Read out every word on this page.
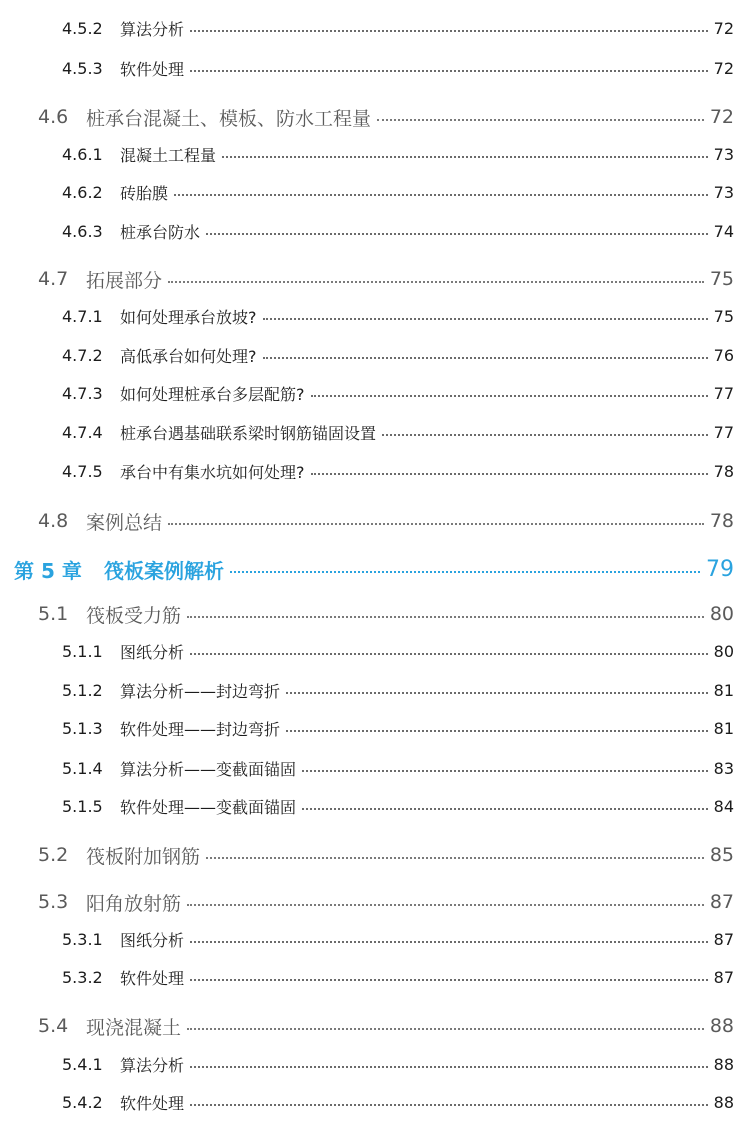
4.5.2	算法分析	72
4.5.3	软件处理	72
4.6 桩承台混凝土、模板、防水工程量	72
4.6.1	混凝土工程量	73
4.6.2	砖胎膜	73
4.6.3	桩承台防水	74
4.7 拓展部分	75
4.7.1	如何处理承台放坡?	75
4.7.2	高低承台如何处理?	76
4.7.3	如何处理桩承台多层配筋?	77
4.7.4	桩承台遇基础联系梁时钢筋锚固设置	77
4.7.5	承台中有集水坑如何处理?	78
4.8 案例总结	78
第 5 章	筏板案例解析	79
5.1 筏板受力筋	80
5.1.1	图纸分析	80
5.1.2	算法分析——封边弯折	81
5.1.3	软件处理——封边弯折	81
5.1.4	算法分析——变截面锚固	83
5.1.5	软件处理——变截面锚固	84
5.2 筏板附加钢筋	85
5.3 阳角放射筋	87
5.3.1	图纸分析	87
5.3.2	软件处理	87
5.4 现浇混凝土	88
5.4.1	算法分析	88
5.4.2	软件处理	88
